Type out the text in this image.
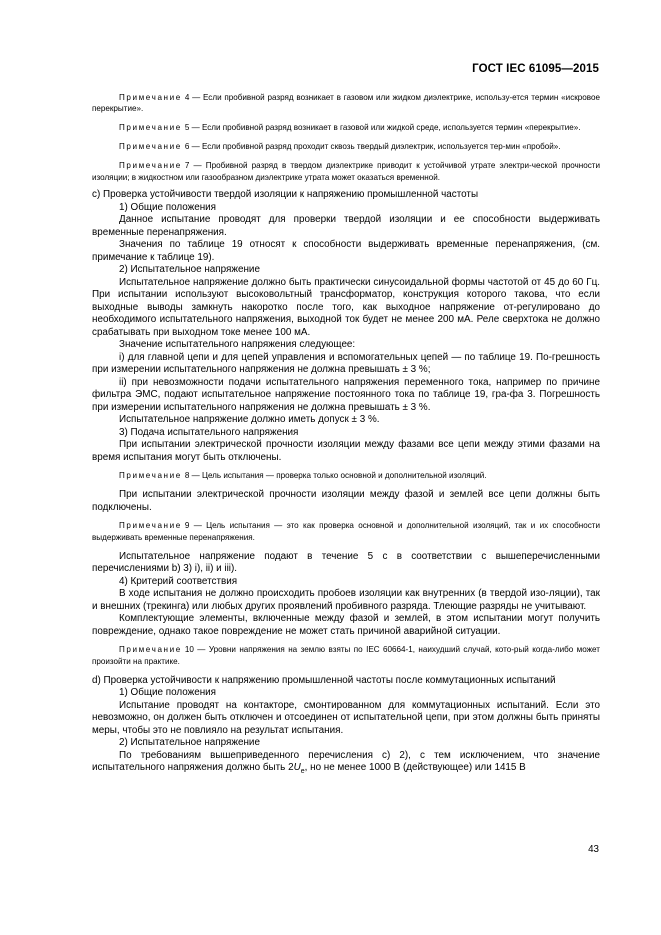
ГОСТ IEC 61095—2015

Примечание 4 — Если пробивной разряд возникает в газовом или жидком диэлектрике, использу-ется термин «искровое перекрытие».

Примечание 5 — Если пробивной разряд возникает в газовой или жидкой среде, используется термин «перекрытие».

Примечание 6 — Если пробивной разряд проходит сквозь твердый диэлектрик, используется тер-мин «пробой».

Примечание 7 — Пробивной разряд в твердом диэлектрике приводит к устойчивой утрате электри-ческой прочности изоляции; в жидкостном или газообразном диэлектрике утрата может оказаться временной.

c) Проверка устойчивости твердой изоляции к напряжению промышленной частоты

1) Общие положения

Данное испытание проводят для проверки твердой изоляции и ее способности выдерживать временные перенапряжения.

Значения по таблице 19 относят к способности выдерживать временные перенапряжения, (см. примечание к таблице 19).

2) Испытательное напряжение

Испытательное напряжение должно быть практически синусоидальной формы частотой от 45 до 60 Гц. При испытании используют высоковольтный трансформатор, конструкция которого такова, что если выходные выводы замкнуть накоротко после того, как выходное напряжение от-регулировано до необходимого испытательного напряжения, выходной ток будет не менее 200 мА. Реле сверхтока не должно срабатывать при выходном токе менее 100 мА.

Значение испытательного напряжения следующее:

i) для главной цепи и для цепей управления и вспомогательных цепей — по таблице 19. По-грешность при измерении испытательного напряжения не должна превышать ± 3 %;

ii) при невозможности подачи испытательного напряжения переменного тока, например по причине фильтра ЭМС, подают испытательное напряжение постоянного тока по таблице 19, гра-фа 3. Погрешность при измерении испытательного напряжения не должна превышать ± 3 %.

Испытательное напряжение должно иметь допуск ± 3 %.

3) Подача испытательного напряжения

При испытании электрической прочности изоляции между фазами все цепи между этими фазами на время испытания могут быть отключены.

Примечание 8 — Цель испытания — проверка только основной и дополнительной изоляций.

При испытании электрической прочности изоляции между фазой и землей все цепи должны быть подключены.

Примечание 9 — Цель испытания — это как проверка основной и дополнительной изоляций, так и их способности выдерживать временные перенапряжения.

Испытательное напряжение подают в течение 5 с в соответствии с вышеперечисленными перечислениями b) 3) i), ii) и iii).

4) Критерий соответствия

В ходе испытания не должно происходить пробоев изоляции как внутренних (в твердой изо-ляции), так и внешних (трекинга) или любых других проявлений пробивного разряда. Тлеющие разряды не учитывают.

Комплектующие элементы, включенные между фазой и землей, в этом испытании могут получить повреждение, однако такое повреждение не может стать причиной аварийной ситуации.

Примечание 10 — Уровни напряжения на землю взяты по IEC 60664-1, наихудший случай, кото-рый когда-либо может произойти на практике.

d) Проверка устойчивости к напряжению промышленной частоты после коммутационных испытаний

1) Общие положения

Испытание проводят на контакторе, смонтированном для коммутационных испытаний. Если это невозможно, он должен быть отключен и отсоединен от испытательной цепи, при этом должны быть приняты меры, чтобы это не повлияло на результат испытания.

2) Испытательное напряжение

По требованиям вышеприведенного перечисления с) 2), с тем исключением, что значение испытательного напряжения должно быть $2U_e$, но не менее 1000 В (действующее) или 1415 В

43
